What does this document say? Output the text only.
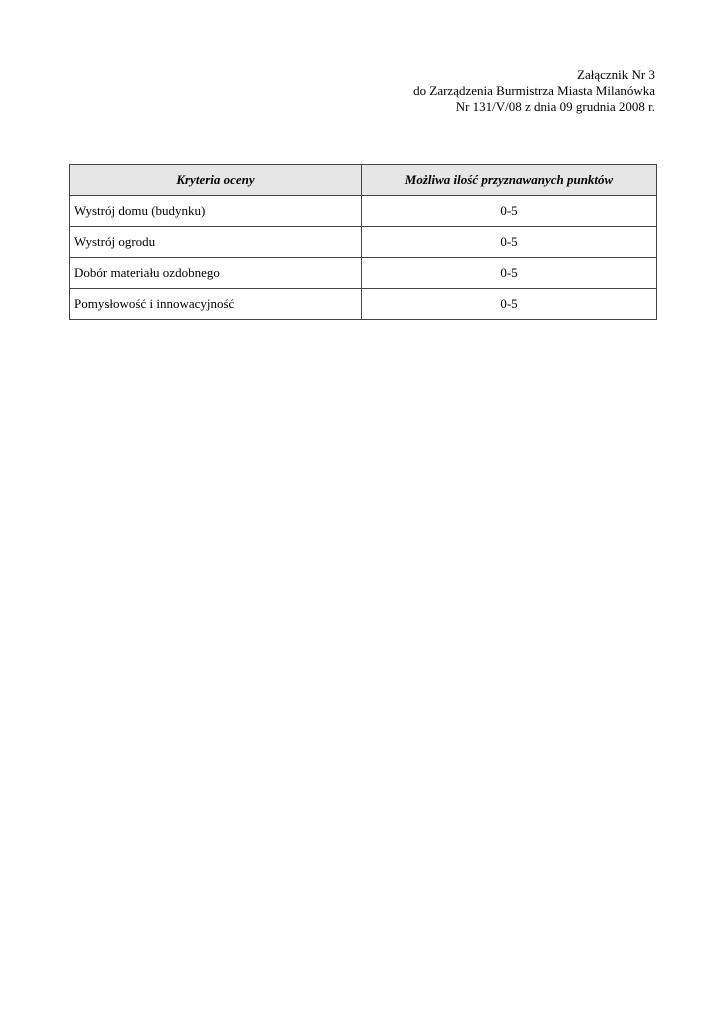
Załącznik Nr 3
do Zarządzenia Burmistrza Miasta Milanówka
Nr 131/V/08 z dnia 09 grudnia 2008 r.
Kryteria oceny	Możliwa ilość przyznawanych punktów
Wystrój domu (budynku)	0-5
Wystrój ogrodu	0-5
Dobór materiału ozdobnego	0-5
Pomysłowość i innowacyjność	0-5
